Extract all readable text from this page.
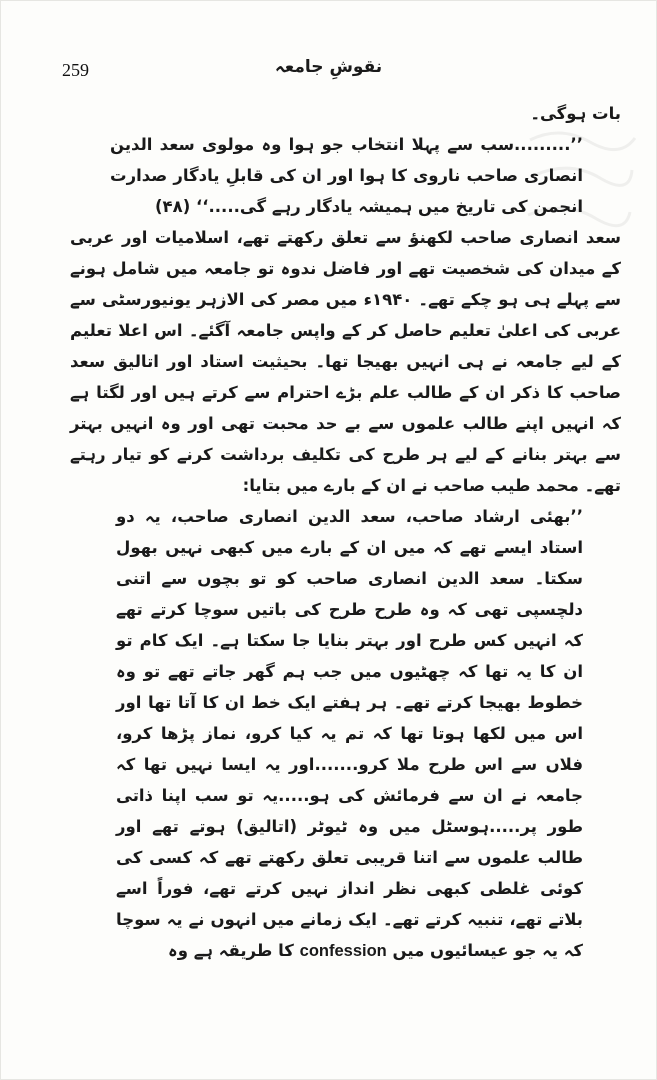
259	نقوشِ جامعہ

بات ہوگی۔

’’.........سب سے پہلا انتخاب جو ہوا وہ مولوی سعد الدین انصاری صاحب ناروی کا ہوا اور ان کی قابلِ یادگار صدارت انجمن کی تاریخ میں ہمیشہ یادگار رہے گی.....‘‘ (۴۸)

سعد انصاری صاحب لکھنؤ سے تعلق رکھتے تھے، اسلامیات اور عربی کے میدان کی شخصیت تھے اور فاضل ندوہ تو جامعہ میں شامل ہونے سے پہلے ہی ہو چکے تھے۔ ۱۹۴۰ء میں مصر کی الازہر یونیورسٹی سے عربی کی اعلیٰ تعلیم حاصل کر کے واپس جامعہ آگئے۔ اس اعلا تعلیم کے لیے جامعہ نے ہی انہیں بھیجا تھا۔ بحیثیت استاد اور اتالیق سعد صاحب کا ذکر ان کے طالب علم بڑے احترام سے کرتے ہیں اور لگتا ہے کہ انہیں اپنے طالب علموں سے بے حد محبت تھی اور وہ انہیں بہتر سے بہتر بنانے کے لیے ہر طرح کی تکلیف برداشت کرنے کو تیار رہتے تھے۔ محمد طیب صاحب نے ان کے بارے میں بتایا:

’’بھئی ارشاد صاحب، سعد الدین انصاری صاحب، یہ دو استاد ایسے تھے کہ میں ان کے بارے میں کبھی نہیں بھول سکتا۔ سعد الدین انصاری صاحب کو تو بچوں سے اتنی دلچسپی تھی کہ وہ طرح طرح کی باتیں سوچا کرتے تھے کہ انہیں کس طرح اور بہتر بنایا جا سکتا ہے۔ ایک کام تو ان کا یہ تھا کہ چھٹیوں میں جب ہم گھر جاتے تھے تو وہ خطوط بھیجا کرتے تھے۔ ہر ہفتے ایک خط ان کا آتا تھا اور اس میں لکھا ہوتا تھا کہ تم یہ کیا کرو، نماز پڑھا کرو، فلاں سے اس طرح ملا کرو.......اور یہ ایسا نہیں تھا کہ جامعہ نے ان سے فرمائش کی ہو.....یہ تو سب اپنا ذاتی طور پر.....ہوسٹل میں وہ ٹیوٹر (اتالیق) ہوتے تھے اور طالب علموں سے اتنا قریبی تعلق رکھتے تھے کہ کسی کی کوئی غلطی کبھی نظر انداز نہیں کرتے تھے، فوراً اسے بلاتے تھے، تنبیہ کرتے تھے۔ ایک زمانے میں انہوں نے یہ سوچا کہ یہ جو عیسائیوں میں confession کا طریقہ ہے وہ
